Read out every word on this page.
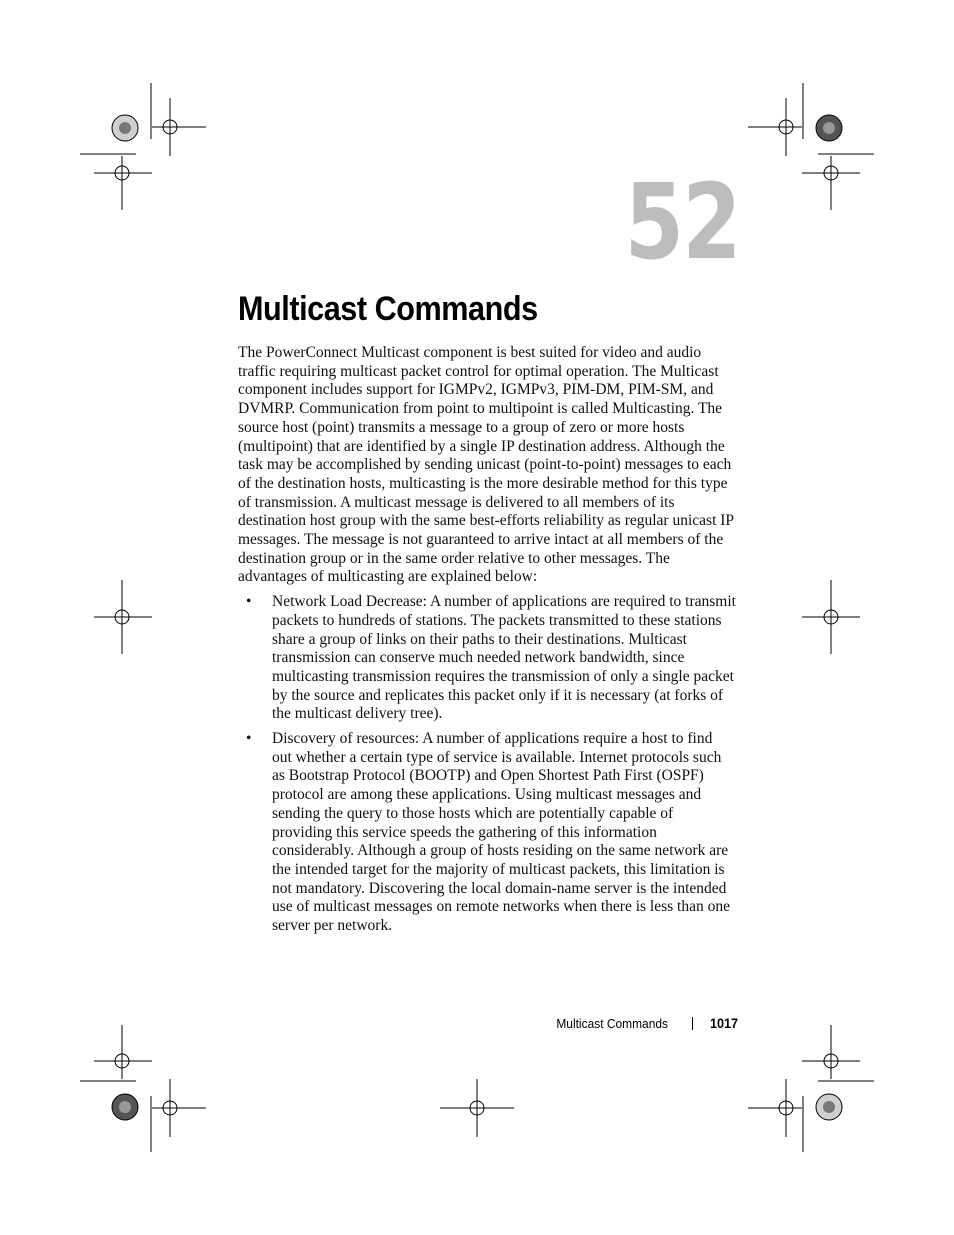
52
Multicast Commands

The PowerConnect Multicast component is best suited for video and audio traffic requiring multicast packet control for optimal operation. The Multicast component includes support for IGMPv2, IGMPv3, PIM-DM, PIM-SM, and DVMRP. Communication from point to multipoint is called Multicasting. The source host (point) transmits a message to a group of zero or more hosts (multipoint) that are identified by a single IP destination address. Although the task may be accomplished by sending unicast (point-to-point) messages to each of the destination hosts, multicasting is the more desirable method for this type of transmission. A multicast message is delivered to all members of its destination host group with the same best-efforts reliability as regular unicast IP messages. The message is not guaranteed to arrive intact at all members of the destination group or in the same order relative to other messages. The advantages of multicasting are explained below:

• Network Load Decrease: A number of applications are required to transmit packets to hundreds of stations. The packets transmitted to these stations share a group of links on their paths to their destinations. Multicast transmission can conserve much needed network bandwidth, since multicasting transmission requires the transmission of only a single packet by the source and replicates this packet only if it is necessary (at forks of the multicast delivery tree).
• Discovery of resources: A number of applications require a host to find out whether a certain type of service is available. Internet protocols such as Bootstrap Protocol (BOOTP) and Open Shortest Path First (OSPF) protocol are among these applications. Using multicast messages and sending the query to those hosts which are potentially capable of providing this service speeds the gathering of this information considerably. Although a group of hosts residing on the same network are the intended target for the majority of multicast packets, this limitation is not mandatory. Discovering the local domain-name server is the intended use of multicast messages on remote networks when there is less than one server per network.
Multicast Commands	1017
